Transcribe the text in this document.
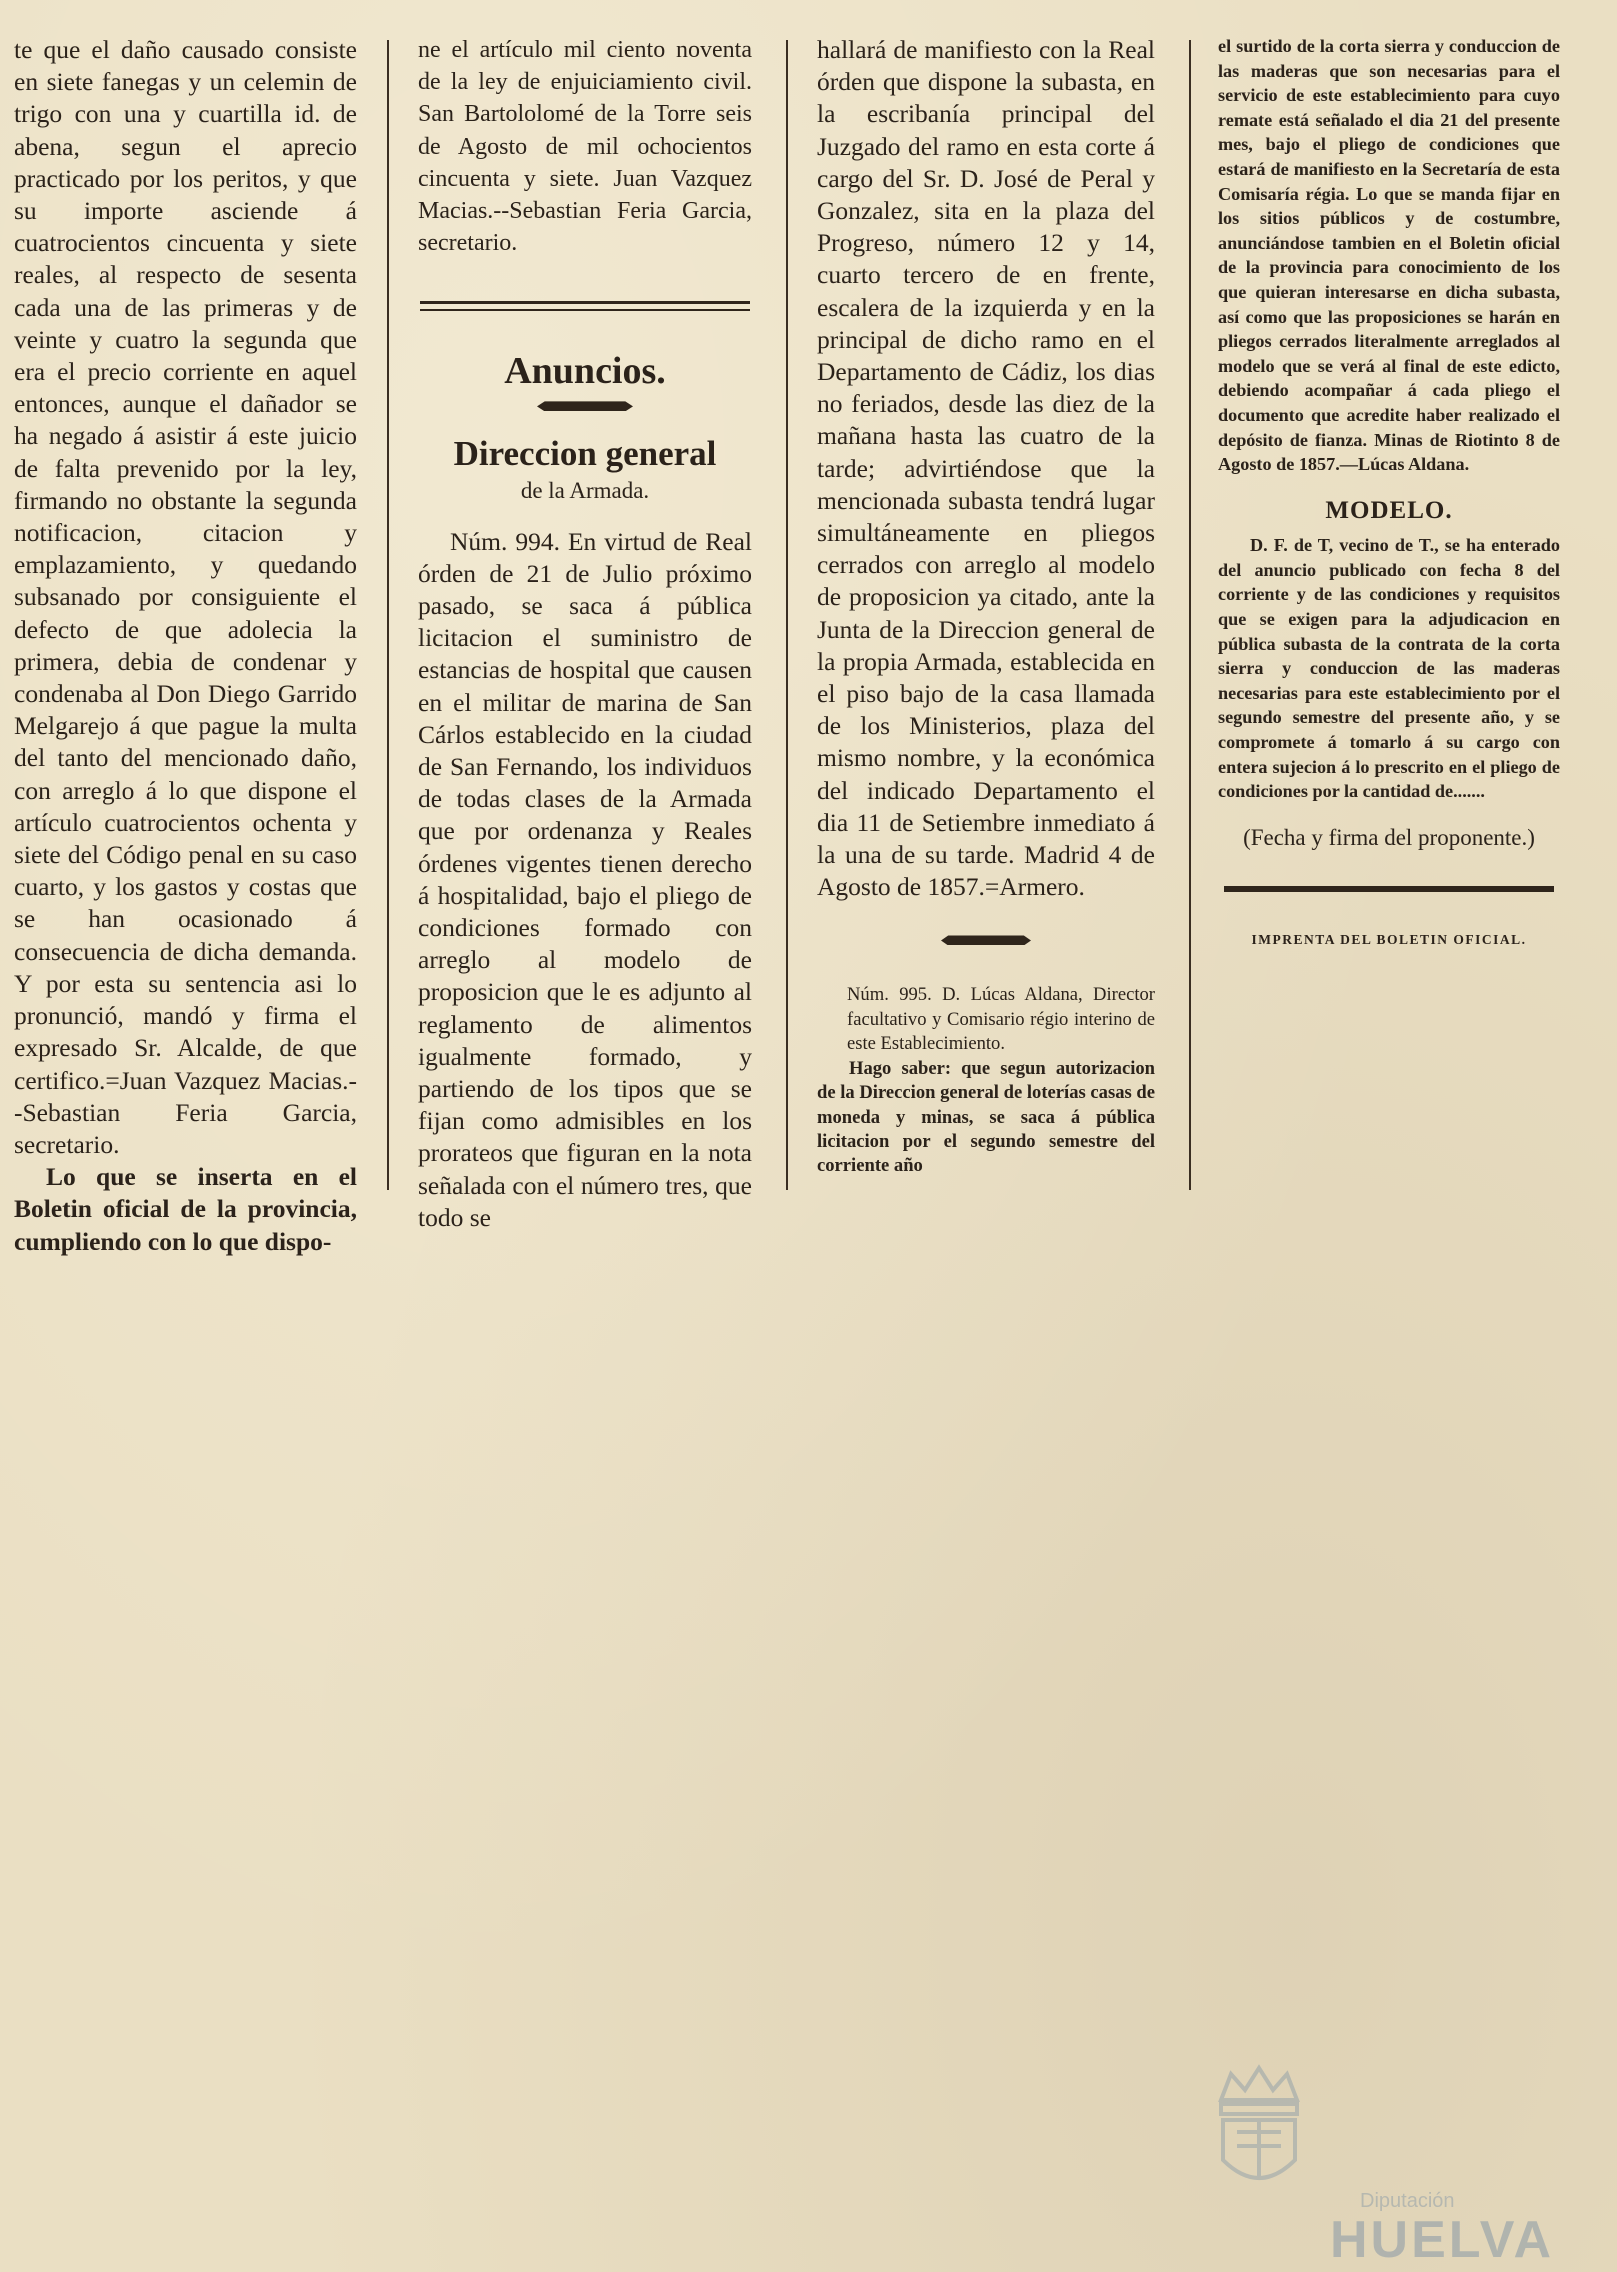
te que el daño causado consiste en siete fanegas y un celemin de trigo con una y cuartilla id. de abena, segun el aprecio practicado por los peritos, y que su importe asciende á cuatrocientos cincuenta y siete reales, al respecto de sesenta cada una de las primeras y de veinte y cuatro la segunda que era el precio corriente en aquel entonces, aunque el dañador se ha negado á asistir á este juicio de falta prevenido por la ley, firmando no obstante la segunda notificacion, citacion y emplazamiento, y quedando subsanado por consiguiente el defecto de que adolecia la primera, debia de condenar y condenaba al Don Diego Garrido Melgarejo á que pague la multa del tanto del mencionado daño, con arreglo á lo que dispone el artículo cuatrocientos ochenta y siete del Código penal en su caso cuarto, y los gastos y costas que se han ocasionado á consecuencia de dicha demanda. Y por esta su sentencia asi lo pronunció, mandó y firma el expresado Sr. Alcalde, de que certifico.=Juan Vazquez Macias.--Sebastian Feria Garcia, secretario.

Lo que se inserta en el Boletin oficial de la provincia, cumpliendo con lo que dispo-

ne el artículo mil ciento noventa de la ley de enjuiciamiento civil. San Bartololomé de la Torre seis de Agosto de mil ochocientos cincuenta y siete. Juan Vazquez Macias.--Sebastian Feria Garcia, secretario.

Anuncios.

Direccion general

de la Armada.

Núm. 994. En virtud de Real órden de 21 de Julio próximo pasado, se saca á pública licitacion el suministro de estancias de hospital que causen en el militar de marina de San Cárlos establecido en la ciudad de San Fernando, los individuos de todas clases de la Armada que por ordenanza y Reales órdenes vigentes tienen derecho á hospitalidad, bajo el pliego de condiciones formado con arreglo al modelo de proposicion que le es adjunto al reglamento de alimentos igualmente formado, y partiendo de los tipos que se fijan como admisibles en los prorateos que figuran en la nota señalada con el número tres, que todo se

hallará de manifiesto con la Real órden que dispone la subasta, en la escribanía principal del Juzgado del ramo en esta corte á cargo del Sr. D. José de Peral y Gonzalez, sita en la plaza del Progreso, número 12 y 14, cuarto tercero de en frente, escalera de la izquierda y en la principal de dicho ramo en el Departamento de Cádiz, los dias no feriados, desde las diez de la mañana hasta las cuatro de la tarde; advirtiéndose que la mencionada subasta tendrá lugar simultáneamente en pliegos cerrados con arreglo al modelo de proposicion ya citado, ante la Junta de la Direccion general de la propia Armada, establecida en el piso bajo de la casa llamada de los Ministerios, plaza del mismo nombre, y la económica del indicado Departamento el dia 11 de Setiembre inmediato á la una de su tarde. Madrid 4 de Agosto de 1857.=Armero.

Núm. 995. D. Lúcas Aldana, Director facultativo y Comisario régio interino de este Establecimiento.

Hago saber: que segun autorizacion de la Direccion general de loterías casas de moneda y minas, se saca á pública licitacion por el segundo semestre del corriente año

el surtido de la corta sierra y conduccion de las maderas que son necesarias para el servicio de este establecimiento para cuyo remate está señalado el dia 21 del presente mes, bajo el pliego de condiciones que estará de manifiesto en la Secretaría de esta Comisaría régia. Lo que se manda fijar en los sitios públicos y de costumbre, anunciándose tambien en el Boletin oficial de la provincia para conocimiento de los que quieran interesarse en dicha subasta, así como que las proposiciones se harán en pliegos cerrados literalmente arreglados al modelo que se verá al final de este edicto, debiendo acompañar á cada pliego el documento que acredite haber realizado el depósito de fianza. Minas de Riotinto 8 de Agosto de 1857.—Lúcas Aldana.

MODELO.

D. F. de T, vecino de T., se ha enterado del anuncio publicado con fecha 8 del corriente y de las condiciones y requisitos que se exigen para la adjudicacion en pública subasta de la contrata de la corta sierra y conduccion de las maderas necesarias para este establecimiento por el segundo semestre del presente año, y se compromete á tomarlo á su cargo con entera sujecion á lo prescrito en el pliego de condiciones por la cantidad de.......

(Fecha y firma del proponente.)

IMPRENTA DEL BOLETIN OFICIAL.

Diputación
HUELVA
